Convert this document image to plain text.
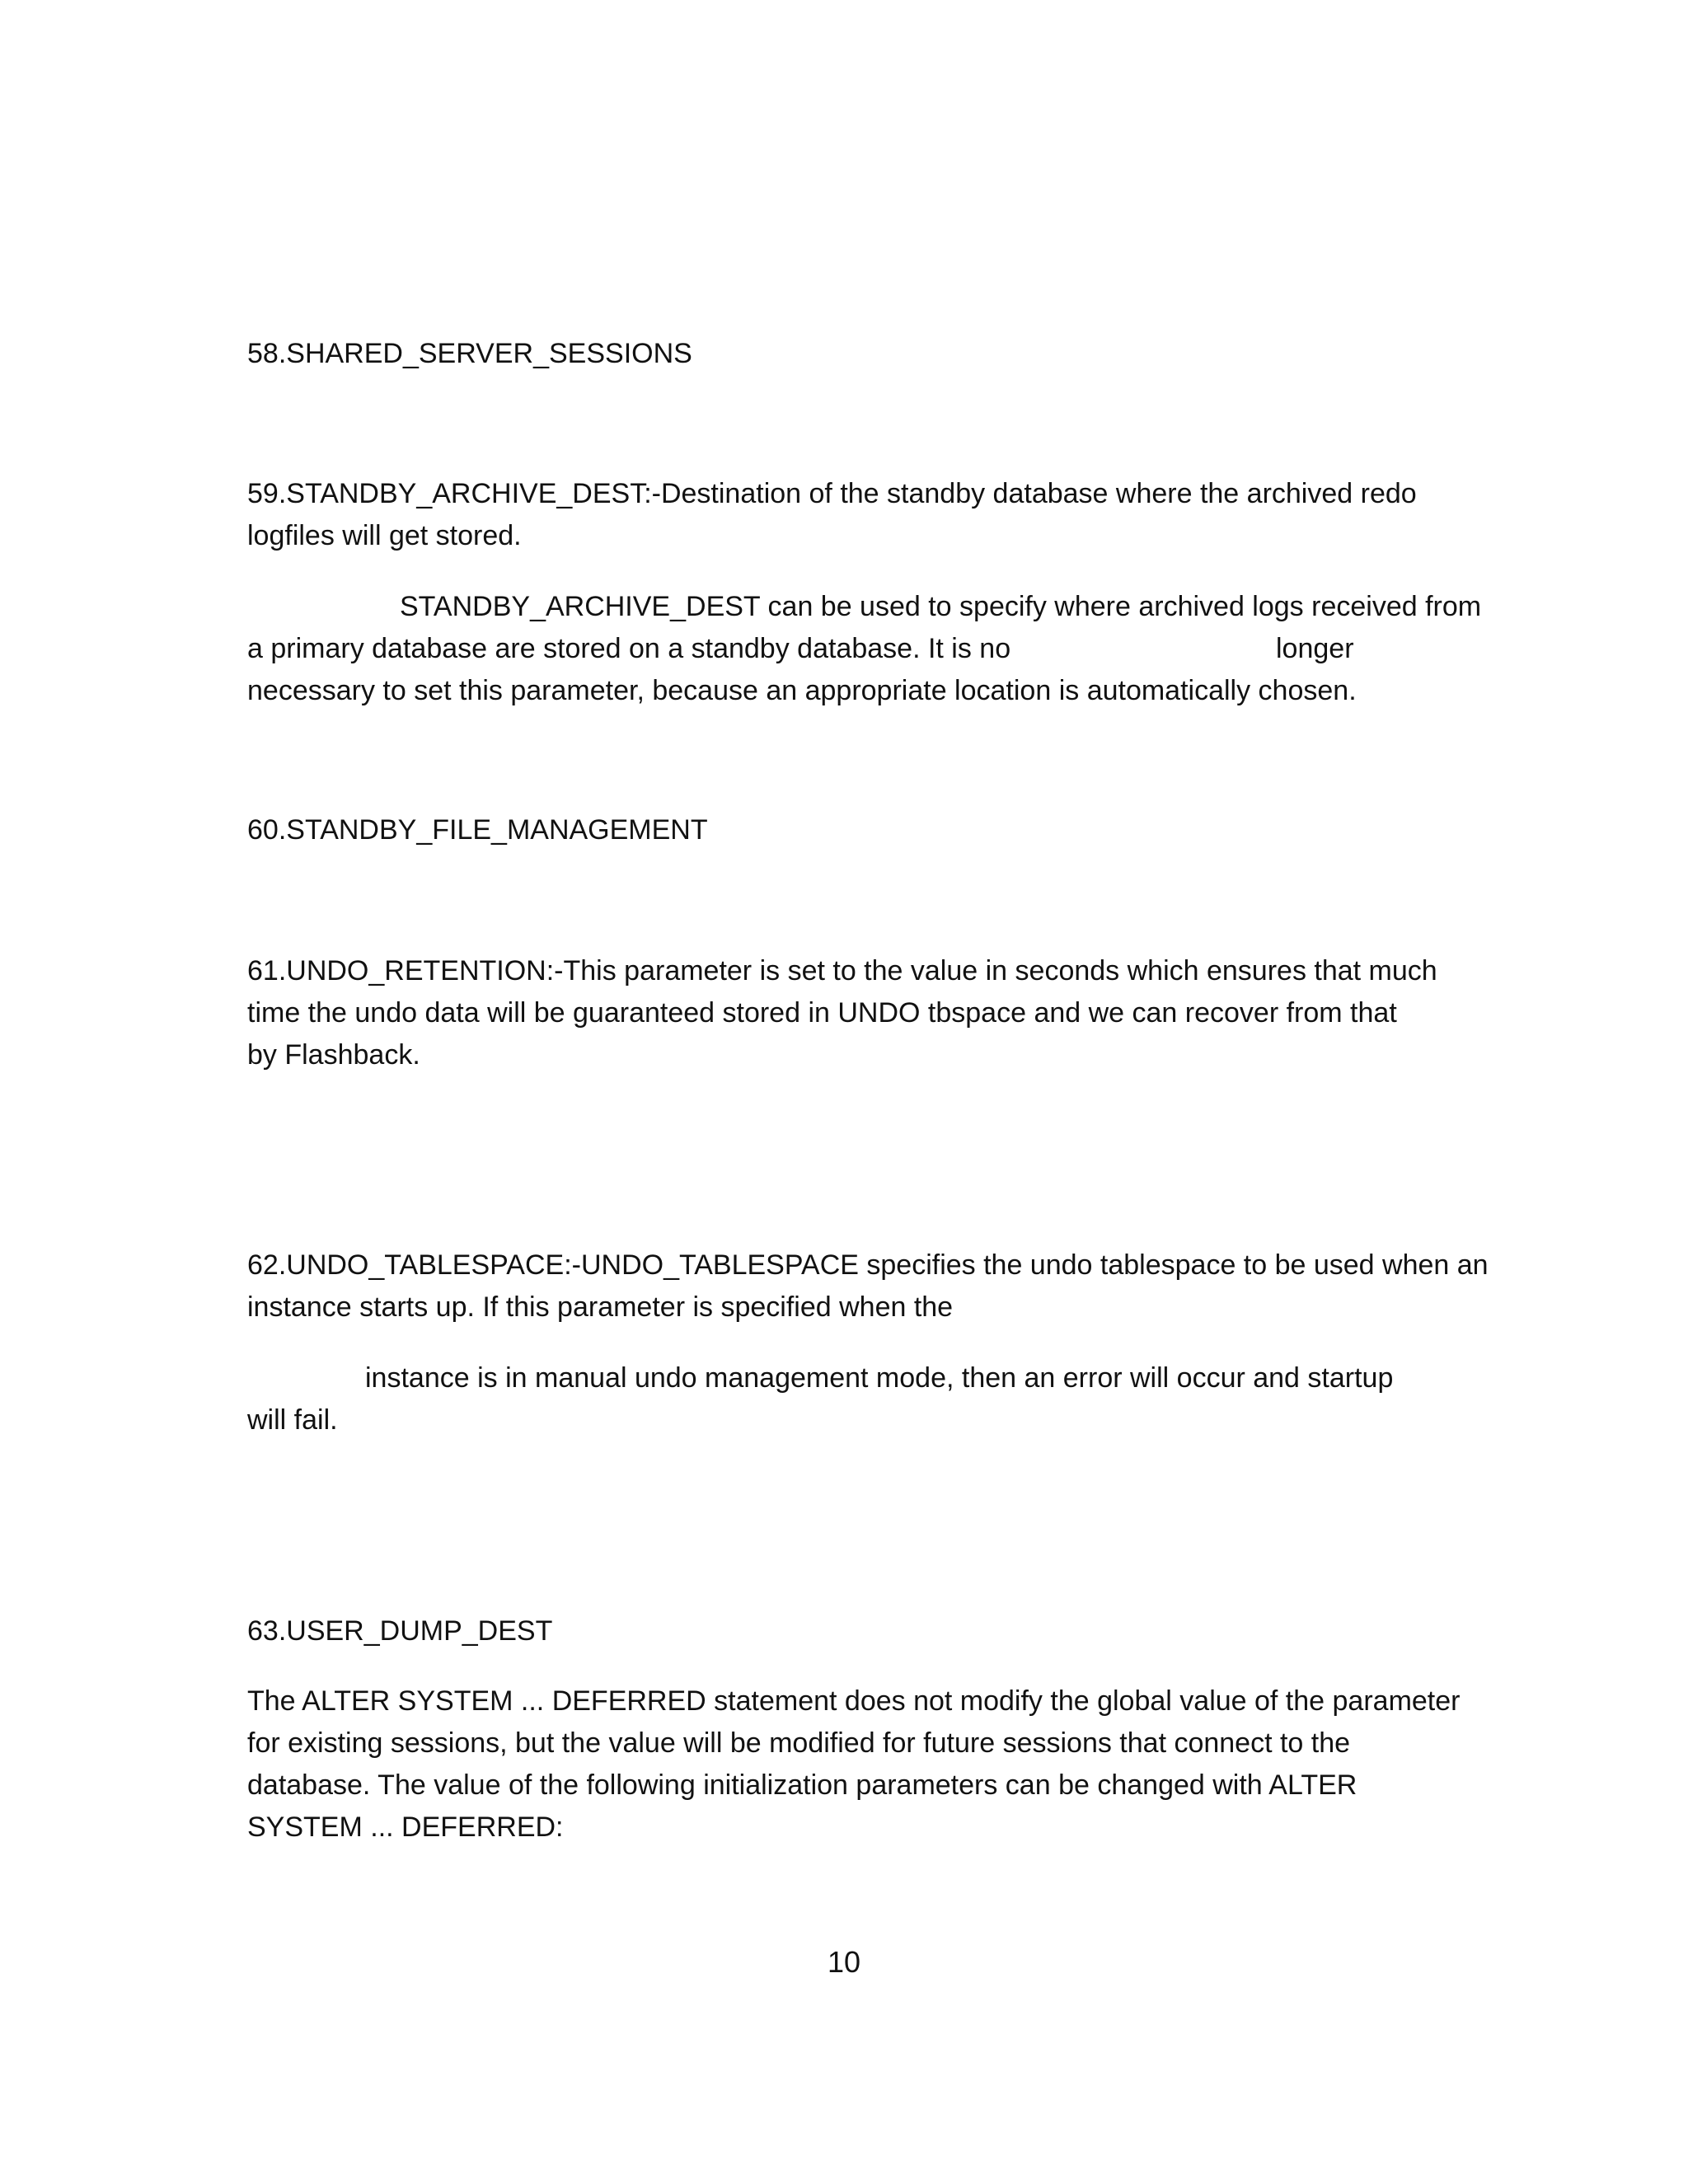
58.SHARED_SERVER_SESSIONS

59.STANDBY_ARCHIVE_DEST:-Destination of the standby database where the archived redo

logfiles will get stored.

STANDBY_ARCHIVE_DEST can be used to specify where archived logs received from

a primary database are stored on a standby database. It is no	longer

necessary to set this parameter, because an appropriate location is automatically chosen.

60.STANDBY_FILE_MANAGEMENT

61.UNDO_RETENTION:-This parameter is set to the value in seconds which ensures that much

time the undo data will be guaranteed stored in UNDO tbspace and we can recover from that

by Flashback.

62.UNDO_TABLESPACE:-UNDO_TABLESPACE specifies the undo tablespace to be used when an

instance starts up. If this parameter is specified when the

instance is in manual undo management mode, then an error will occur and startup

will fail.

63.USER_DUMP_DEST

The ALTER SYSTEM ... DEFERRED statement does not modify the global value of the parameter

for existing sessions, but the value will be modified for future sessions that connect to the

database. The value of the following initialization parameters can be changed with ALTER

SYSTEM ... DEFERRED:

10
